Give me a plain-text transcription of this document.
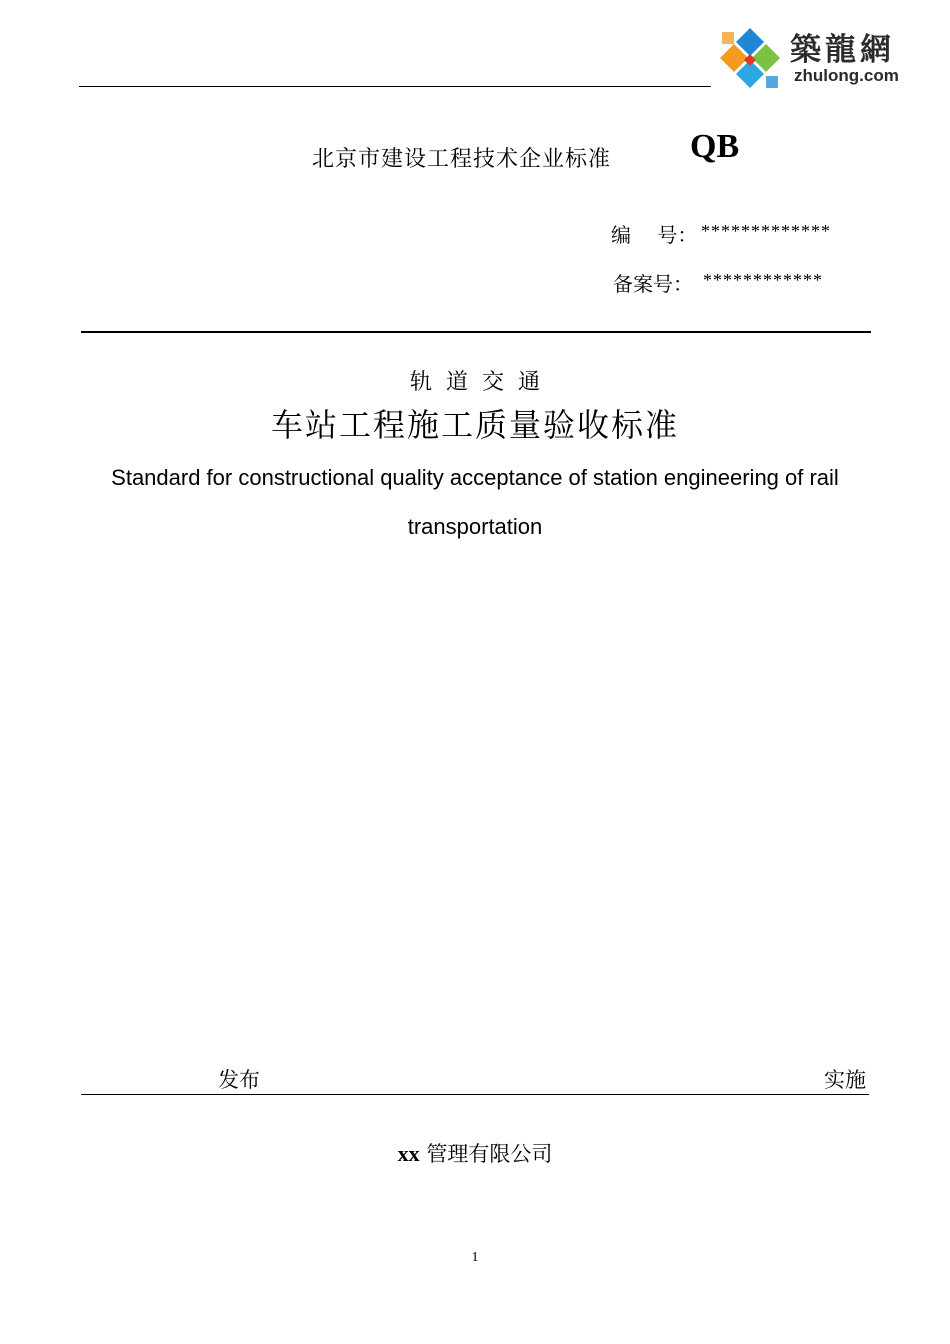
築龍網
zhulong.com
北京市建设工程技术企业标准 QB
编　 号： *************
备案号： ************
轨道交通
车站工程施工质量验收标准
Standard for constructional quality acceptance of station engineering of rail
transportation
发布	实施
xx 管理有限公司
1
